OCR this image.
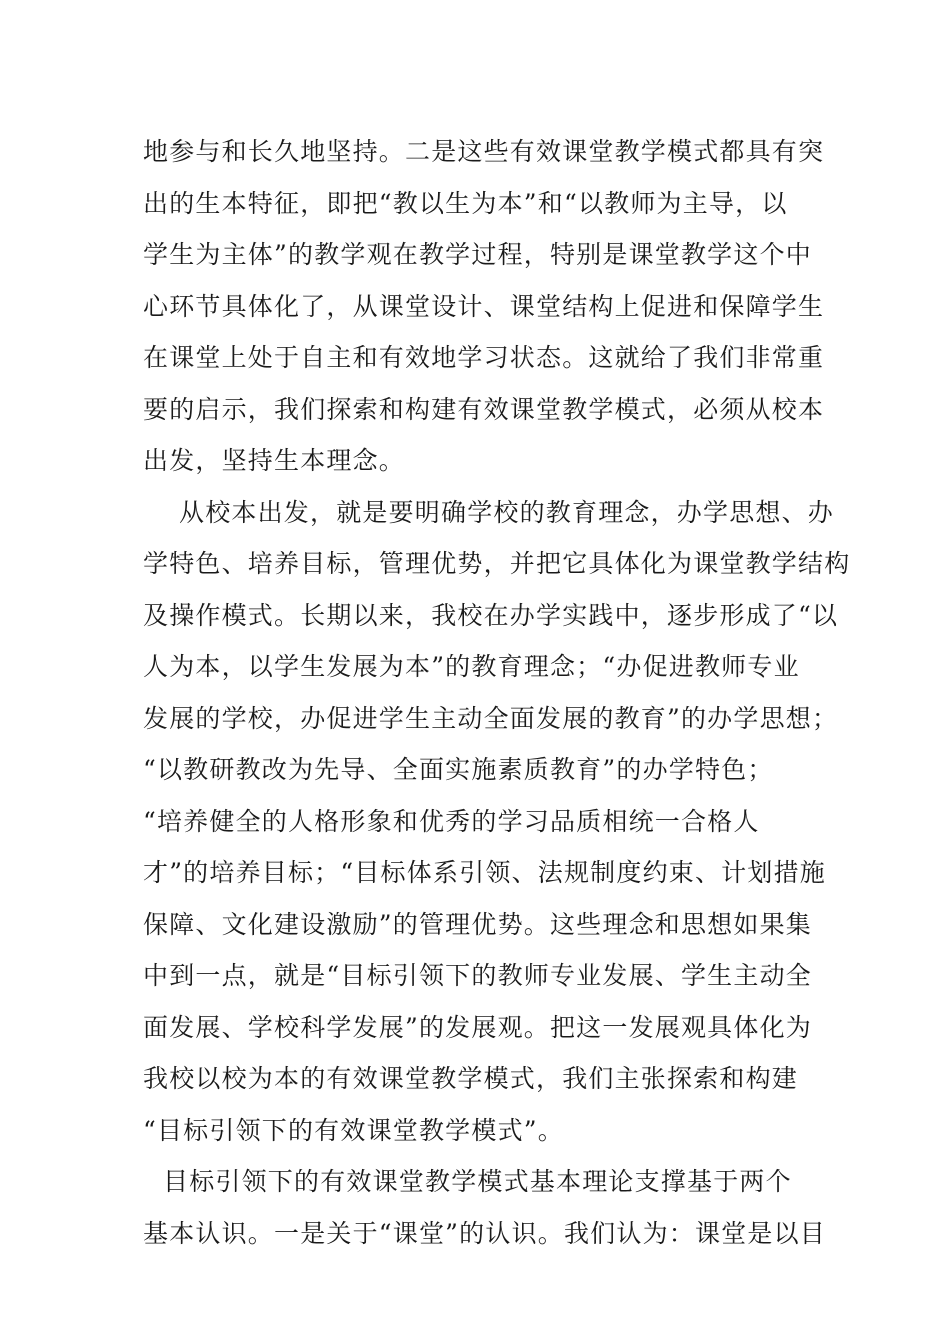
地参与和长久地坚持。二是这些有效课堂教学模式都具有突
出的生本特征，即把“教以生为本”和“以教师为主导，以
学生为主体”的教学观在教学过程，特别是课堂教学这个中
心环节具体化了，从课堂设计、课堂结构上促进和保障学生
在课堂上处于自主和有效地学习状态。这就给了我们非常重
要的启示，我们探索和构建有效课堂教学模式，必须从校本
出发，坚持生本理念。
从校本出发，就是要明确学校的教育理念，办学思想、办
学特色、培养目标，管理优势，并把它具体化为课堂教学结构
及操作模式。长期以来，我校在办学实践中，逐步形成了“以
人为本，以学生发展为本”的教育理念；“办促进教师专业
发展的学校，办促进学生主动全面发展的教育”的办学思想；
“以教研教改为先导、全面实施素质教育”的办学特色；
“培养健全的人格形象和优秀的学习品质相统一合格人
才”的培养目标；“目标体系引领、法规制度约束、计划措施
保障、文化建设激励”的管理优势。这些理念和思想如果集
中到一点，就是“目标引领下的教师专业发展、学生主动全
面发展、学校科学发展”的发展观。把这一发展观具体化为
我校以校为本的有效课堂教学模式，我们主张探索和构建
“目标引领下的有效课堂教学模式”。
目标引领下的有效课堂教学模式基本理论支撑基于两个
基本认识。一是关于“课堂”的认识。我们认为：课堂是以目
